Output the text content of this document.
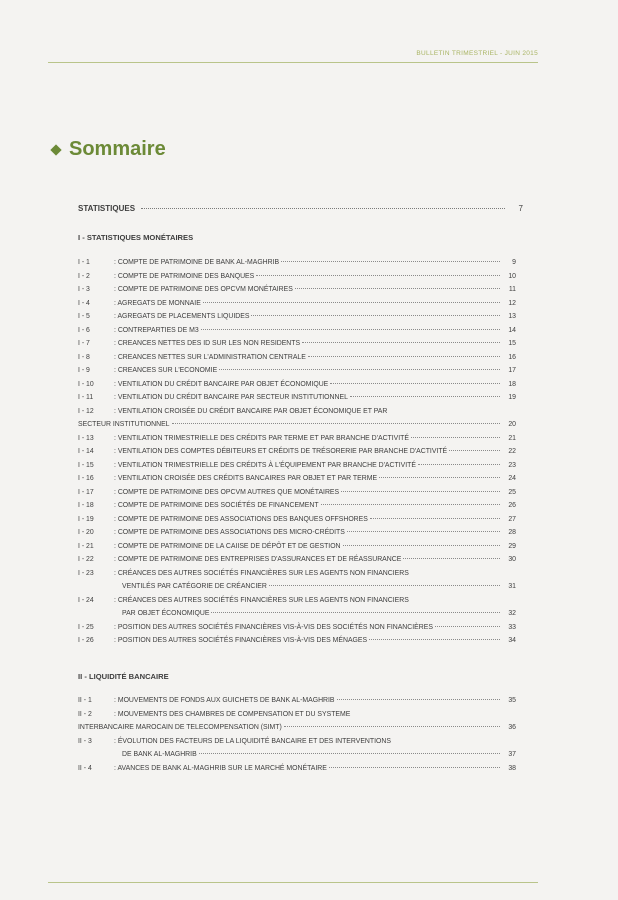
BULLETIN TRIMESTRIEL - JUIN 2015
Sommaire
STATISTIQUES	7
I - STATISTIQUES MONÉTAIRES
I - 1	: COMPTE DE PATRIMOINE DE BANK AL-MAGHRIB	9
I - 2	: COMPTE DE PATRIMOINE DES BANQUES	10
I - 3	: COMPTE DE PATRIMOINE DES OPCVM MONÉTAIRES	11
I - 4	: AGREGATS DE MONNAIE	12
I - 5	: AGREGATS DE PLACEMENTS LIQUIDES	13
I - 6	: CONTREPARTIES DE M3	14
I - 7	: CREANCES NETTES DES ID SUR LES NON RESIDENTS	15
I - 8	: CREANCES NETTES SUR L'ADMINISTRATION CENTRALE	16
I - 9	: CREANCES SUR L'ECONOMIE	17
I - 10	: VENTILATION DU CRÉDIT BANCAIRE PAR OBJET ÉCONOMIQUE	18
I - 11	: VENTILATION DU CRÉDIT BANCAIRE PAR SECTEUR INSTITUTIONNEL	19
I - 12	: VENTILATION CROISÉE DU CRÉDIT BANCAIRE PAR OBJET ÉCONOMIQUE ET PAR
SECTEUR INSTITUTIONNEL	20
I - 13	: VENTILATION TRIMESTRIELLE DES CRÉDITS PAR TERME ET PAR BRANCHE D'ACTIVITÉ	21
I - 14	: VENTILATION DES COMPTES DÉBITEURS ET CRÉDITS DE TRÉSORERIE PAR BRANCHE D'ACTIVITÉ	22
I - 15	: VENTILATION TRIMESTRIELLE DES CRÉDITS À L'ÉQUIPEMENT PAR BRANCHE D'ACTIVITÉ	23
I - 16	: VENTILATION CROISÉE DES CRÉDITS BANCAIRES PAR OBJET ET PAR TERME	24
I - 17	: COMPTE DE PATRIMOINE DES OPCVM AUTRES QUE MONÉTAIRES	25
I - 18	: COMPTE DE PATRIMOINE DES SOCIÉTÉS DE FINANCEMENT	26
I - 19	: COMPTE DE PATRIMOINE DES ASSOCIATIONS DES BANQUES OFFSHORES	27
I - 20	: COMPTE DE PATRIMOINE DES ASSOCIATIONS DES MICRO-CRÉDITS	28
I - 21	: COMPTE DE PATRIMOINE DE LA CAIISE DE DÉPÔT ET DE GESTION	29
I - 22	: COMPTE DE PATRIMOINE DES ENTREPRISES D'ASSURANCES ET DE RÉASSURANCE	30
I - 23	: CRÉANCES DES AUTRES SOCIÉTÉS FINANCIÈRES SUR LES AGENTS NON FINANCIERS
VENTILÉS PAR CATÉGORIE DE CRÉANCIER	31
I - 24	: CRÉANCES DES AUTRES SOCIÉTÉS FINANCIÈRES SUR LES AGENTS NON FINANCIERS
PAR OBJET ÉCONOMIQUE	32
I - 25	: POSITION DES AUTRES SOCIÉTÉS FINANCIÈRES VIS-À-VIS DES SOCIÉTÉS NON FINANCIÈRES	33
I - 26	: POSITION DES AUTRES SOCIÉTÉS FINANCIÈRES VIS-À-VIS DES MÉNAGES	34
II - LIQUIDITÉ BANCAIRE
II - 1	: MOUVEMENTS DE FONDS AUX GUICHETS DE BANK AL-MAGHRIB	35
II - 2	: MOUVEMENTS DES CHAMBRES DE COMPENSATION ET DU SYSTEME
INTERBANCAIRE MAROCAIN DE TELECOMPENSATION (SIMT)	36
II - 3	: ÉVOLUTION DES FACTEURS DE LA LIQUIDITÉ BANCAIRE ET DES INTERVENTIONS
DE BANK AL-MAGHRIB	37
II - 4	: AVANCES DE BANK AL-MAGHRIB SUR LE MARCHÉ MONÉTAIRE	38
